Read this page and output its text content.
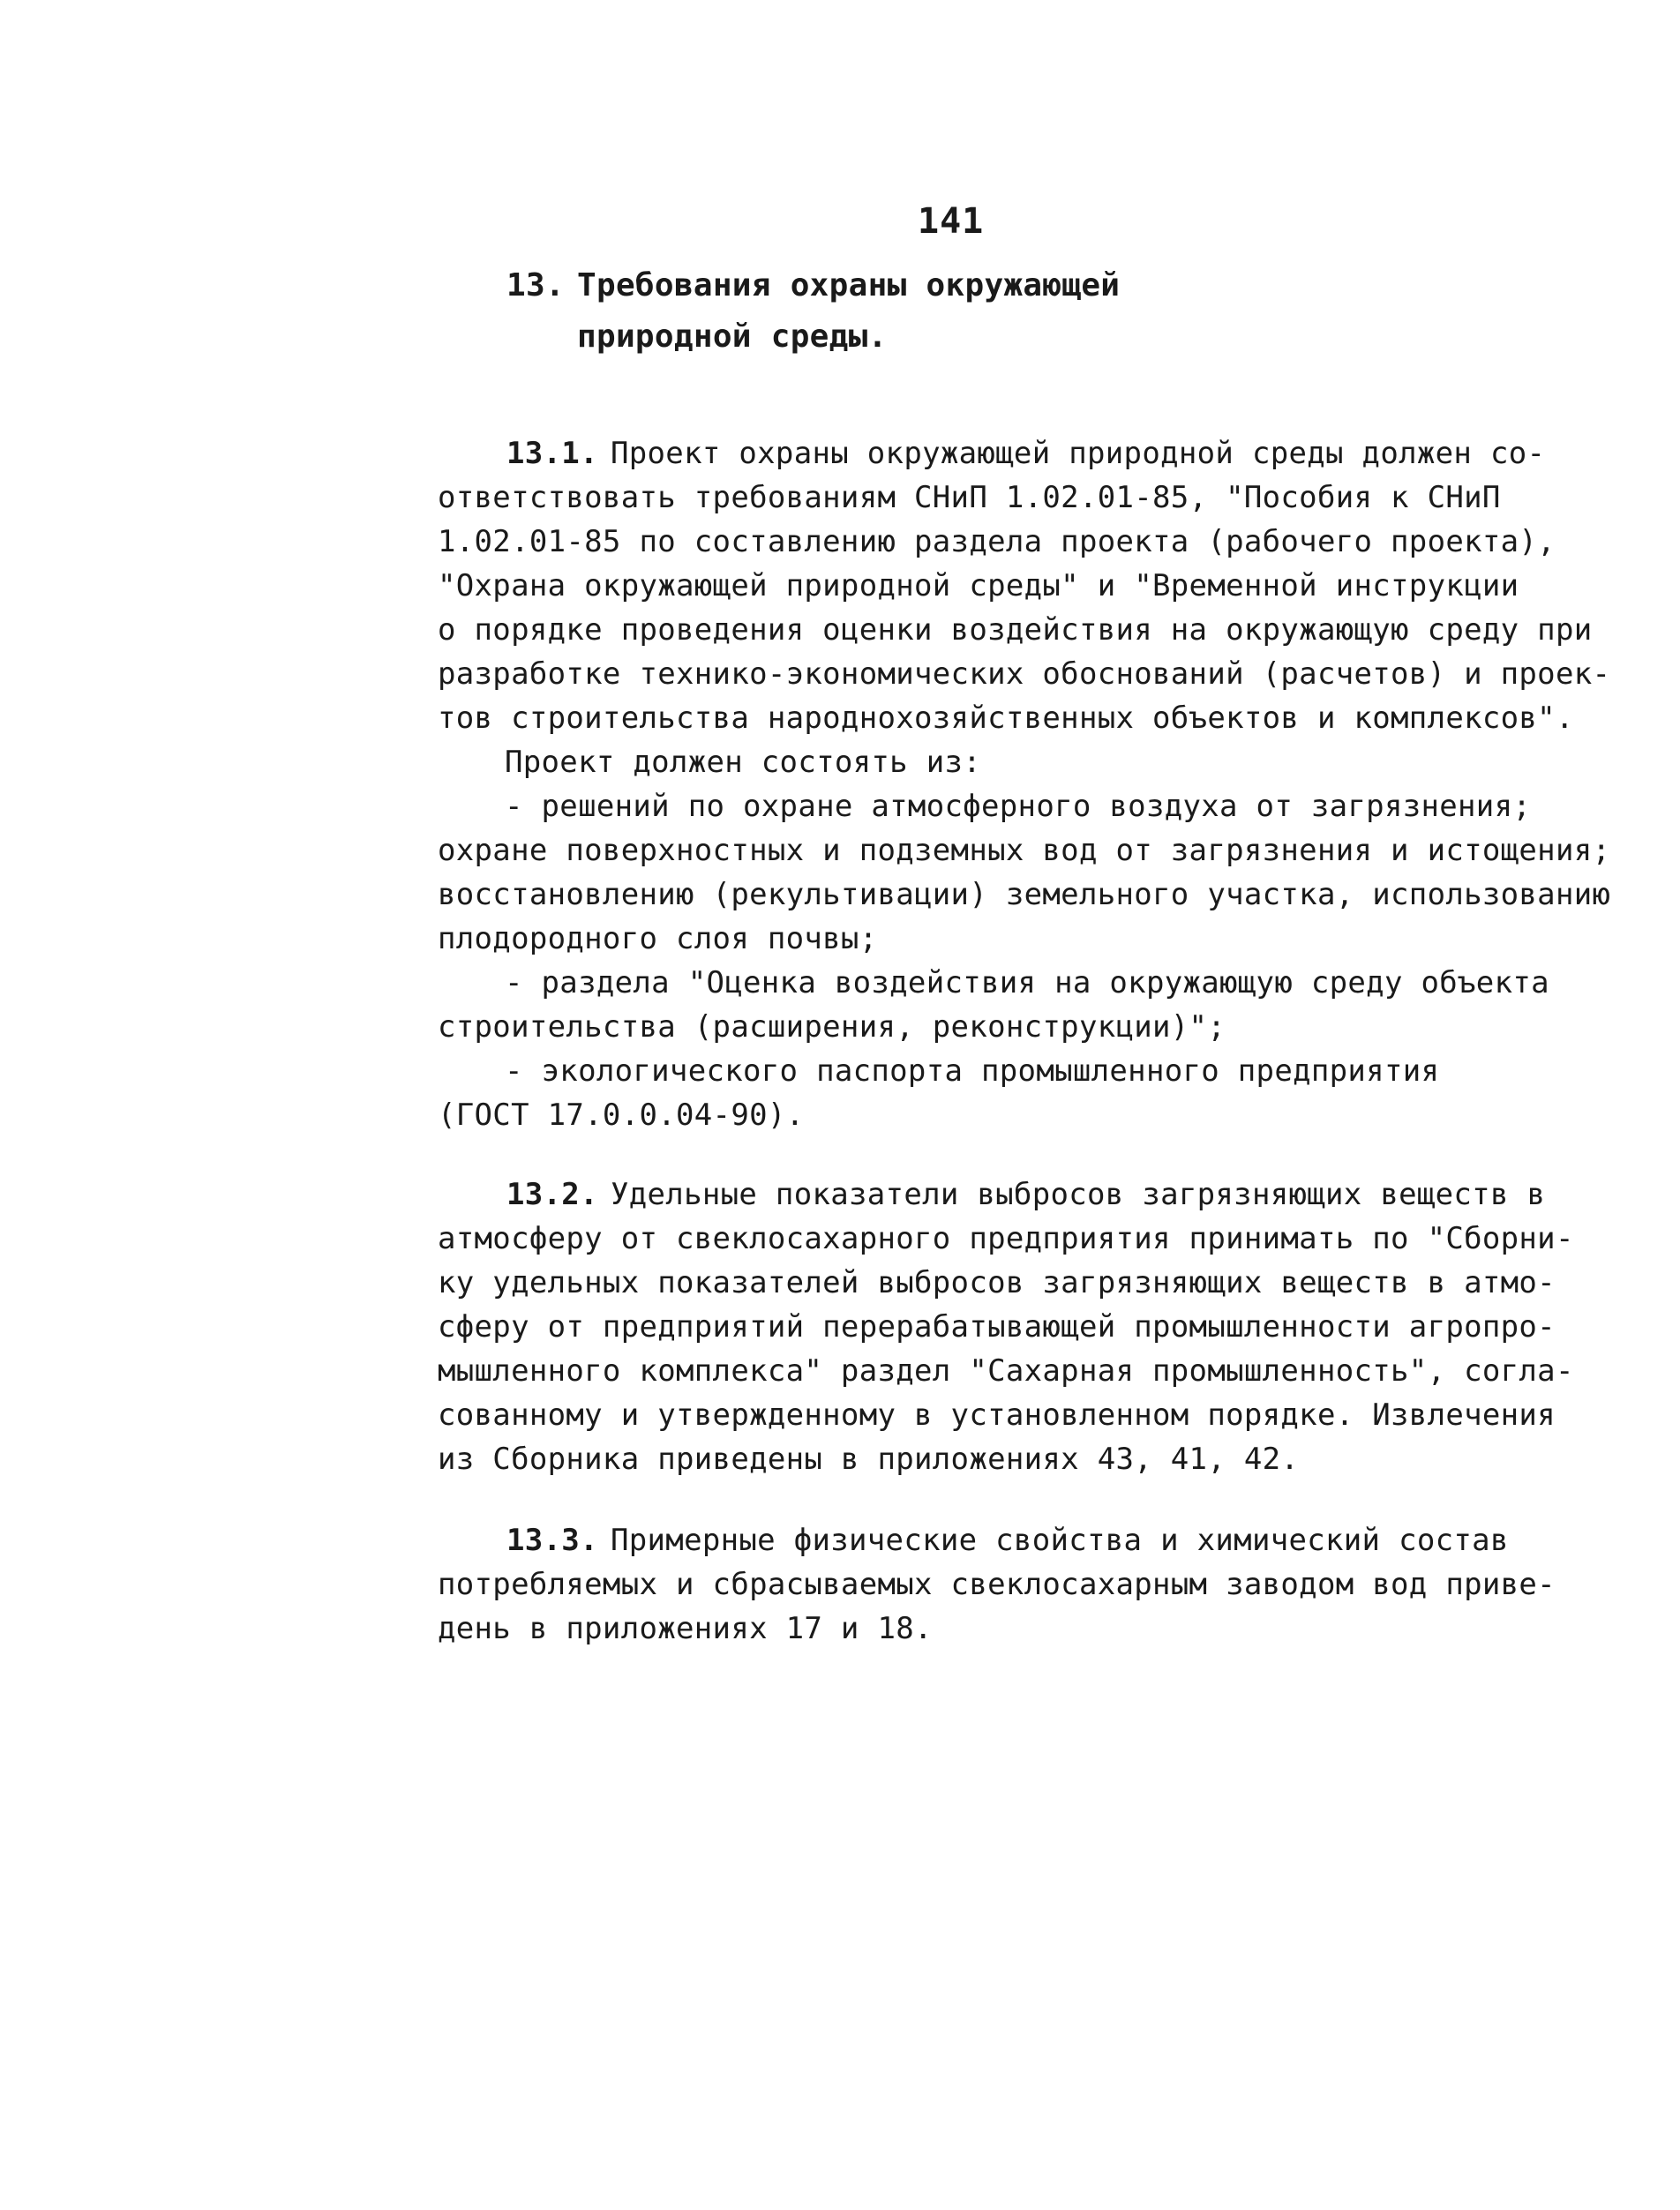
141
13. Требования охраны окружающей
природной среды.
13.1. Проект охраны окружающей природной среды должен со-
ответствовать требованиям СНиП 1.02.01-85, "Пособия к СНиП
1.02.01-85 по составлению раздела проекта (рабочего проекта),
"Охрана окружающей природной среды" и "Временной инструкции
о порядке проведения оценки воздействия на окружающую среду при
разработке технико-экономических обоснований (расчетов) и проек-
тов строительства народнохозяйственных объектов и комплексов".
Проект должен состоять из:
- решений по охране атмосферного воздуха от загрязнения;
охране поверхностных и подземных вод от загрязнения и истощения;
восстановлению (рекультивации) земельного участка, использованию
плодородного слоя почвы;
- раздела "Оценка воздействия на окружающую среду объекта
строительства (расширения, реконструкции)";
- экологического паспорта промышленного предприятия
(ГОСТ 17.0.0.04-90).
13.2. Удельные показатели выбросов загрязняющих веществ в
атмосферу от свеклосахарного предприятия принимать по "Сборни-
ку удельных показателей выбросов загрязняющих веществ в атмо-
сферу от предприятий перерабатывающей промышленности агропро-
мышленного комплекса" раздел "Сахарная промышленность", согла-
сованному и утвержденному в установленном порядке. Извлечения
из Сборника приведены в приложениях 43, 41, 42.
13.3. Примерные физические свойства и химический состав
потребляемых и сбрасываемых свеклосахарным заводом вод приве-
день в приложениях 17 и 18.
